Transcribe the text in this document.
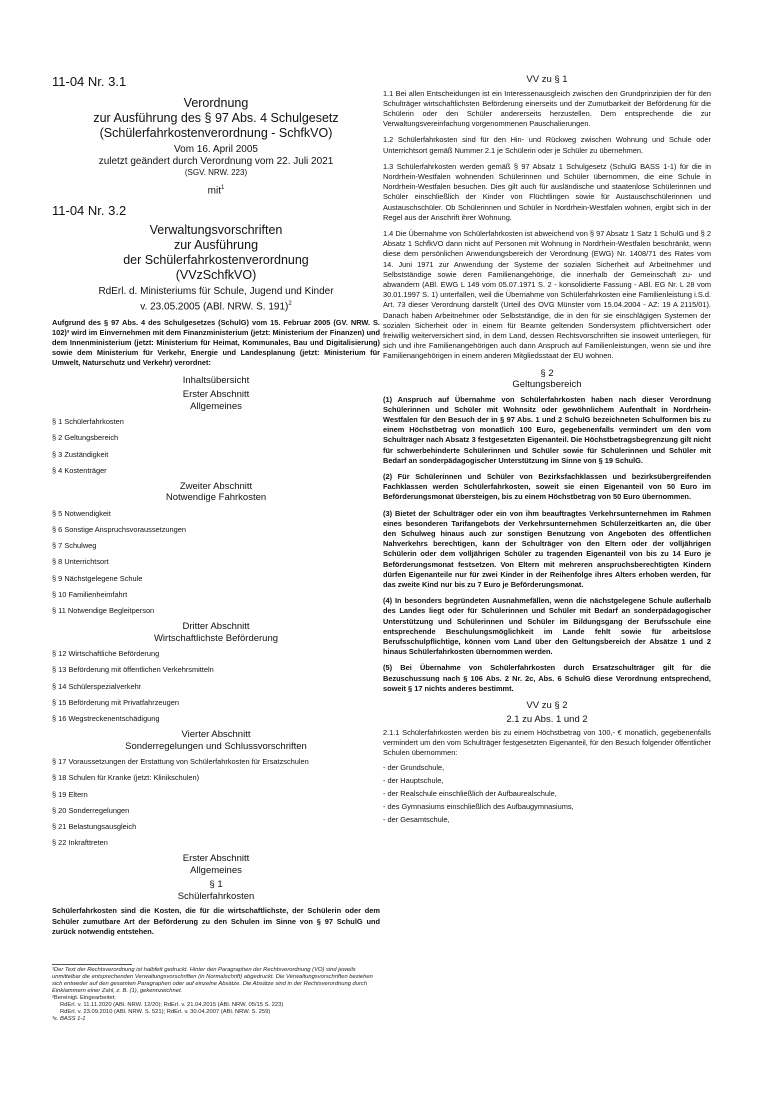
11-04 Nr. 3.1

Verordnung

zur Ausführung des § 97 Abs. 4 Schulgesetz

(Schülerfahrkostenverordnung - SchfkVO)

Vom 16. April 2005

zuletzt geändert durch Verordnung vom 22. Juli 2021

(SGV. NRW. 223)

mit$^1$

11-04 Nr. 3.2

Verwaltungsvorschriften

zur Ausführung

der Schülerfahrkostenverordnung

(VVzSchfkVO)

RdErl. d. Ministeriums für Schule, Jugend und Kinder

v. 23.05.2005 (ABl. NRW. S. 191)$^2$

Aufgrund des § 97 Abs. 4 des Schulgesetzes (SchulG) vom 15. Februar 2005 (GV. NRW. S. 102)³ wird im Einvernehmen mit dem Finanzministerium (jetzt: Ministerium der Finanzen) und dem Innenministerium (jetzt: Ministerium für Heimat, Kommunales, Bau und Digitalisierung) sowie dem Ministerium für Verkehr, Energie und Landesplanung (jetzt: Ministerium für Umwelt, Naturschutz und Verkehr) verordnet:

Inhaltsübersicht

Erster Abschnitt

Allgemeines

§ 1 Schülerfahrkosten

§ 2 Geltungsbereich

§ 3 Zuständigkeit

§ 4 Kostenträger

Zweiter Abschnitt

Notwendige Fahrkosten

§ 5 Notwendigkeit

§ 6 Sonstige Anspruchsvoraussetzungen

§ 7 Schulweg

§ 8 Unterrichtsort

§ 9 Nächstgelegene Schule

§ 10 Familienheimfahrt

§ 11 Notwendige Begleitperson

Dritter Abschnitt

Wirtschaftlichste Beförderung

§ 12 Wirtschaftliche Beförderung

§ 13 Beförderung mit öffentlichen Verkehrsmitteln

§ 14 Schülerspezialverkehr

§ 15 Beförderung mit Privatfahrzeugen

§ 16 Wegstreckenentschädigung

Vierter Abschnitt

Sonderregelungen und Schlussvorschriften

§ 17 Voraussetzungen der Erstattung von Schülerfahrkosten für Ersatzschulen

§ 18 Schulen für Kranke (jetzt: Klinikschulen)

§ 19 Eltern

§ 20 Sonderregelungen

§ 21 Belastungsausgleich

§ 22 Inkrafttreten

Erster Abschnitt

Allgemeines

§ 1

Schülerfahrkosten

Schülerfahrkosten sind die Kosten, die für die wirtschaftlichste, der Schülerin oder dem Schüler zumutbare Art der Beförderung zu den Schulen im Sinne von § 97 SchulG und zurück notwendig entstehen.

¹Der Text der Rechtsverordnung ist halbfett gedruckt. Hinter den Paragraphen der Rechtsverordnung (VO) sind jeweils unmittelbar die entsprechenden Verwaltungsvorschriften (in Normalschrift) abgedruckt. Die Verwaltungsvorschriften beziehen sich entweder auf den gesamten Paragraphen oder auf einzelne Absätze. Die Absätze sind in der Rechtsverordnung durch Einklammern einer Zahl, z. B. (1), gekennzeichnet.

²Bereinigt. Eingearbeitet:

RdErl. v. 11.11.2020 (ABl. NRW. 12/20); RdErl. v. 21.04.2015 (ABl. NRW. 05/15 S. 223)

RdErl. v. 23.09.2010 (ABl. NRW. S. 521); RdErl. v. 30.04.2007 (ABl. NRW. S. 259)

³s. BASS 1-1

VV zu § 1

1.1 Bei allen Entscheidungen ist ein Interessenausgleich zwischen den Grundprinzipien der für den Schulträger wirtschaftlichsten Beförderung einerseits und der Zumutbarkeit der Beförderung für die Schülerin oder den Schüler andererseits herzustellen. Dem entsprechende die zur Verwaltungsvereinfachung vorgenommenen Pauschalierungen.

1.2 Schülerfahrkosten sind für den Hin- und Rückweg zwischen Wohnung und Schule oder Unterrichtsort gemäß Nummer 2.1 je Schülerin oder je Schüler zu übernehmen.

1.3 Schülerfahrkosten werden gemäß § 97 Absatz 1 Schulgesetz (SchulG BASS 1-1) für die in Nordrhein-Westfalen wohnenden Schülerinnen und Schüler übernommen, die eine Schule in Nordrhein-Westfalen besuchen. Dies gilt auch für ausländische und staatenlose Schülerinnen und Schüler einschließlich der Kinder von Flüchtlingen sowie für Austauschschülerinnen und Austauschschüler. Ob Schülerinnen und Schüler in Nordrhein-Westfalen wohnen, ergibt sich in der Regel aus der Anschrift ihrer Wohnung.

1.4 Die Übernahme von Schülerfahrkosten ist abweichend von § 97 Absatz 1 Satz 1 SchulG und § 2 Absatz 1 SchfkVO dann nicht auf Personen mit Wohnung in Nordrhein-Westfalen beschränkt, wenn diese dem persönlichen Anwendungsbereich der Verordnung (EWG) Nr. 1408/71 des Rates vom 14. Juni 1971 zur Anwendung der Systeme der sozialen Sicherheit auf Arbeitnehmer und Selbstständige sowie deren Familienangehörige, die innerhalb der Gemeinschaft zu- und abwandern (ABl. EWG L 149 vom 05.07.1971 S. 2 - konsolidierte Fassung - ABl. EG Nr. L 28 vom 30.01.1997 S. 1) unterfallen, weil die Übernahme von Schülerfahrkosten eine Familienleistung i.S.d. Art. 73 dieser Verordnung darstellt (Urteil des OVG Münster vom 15.04.2004 - AZ: 19 A 2115/01). Danach haben Arbeitnehmer oder Selbstständige, die in den für sie einschlägigen Systemen der sozialen Sicherheit oder in einem für Beamte geltenden Sondersystem pflichtversichert oder freiwillig weiterversichert sind, in dem Land, dessen Rechtsvorschriften sie insoweit unterliegen, für sich und ihre Familienangehörigen auch dann Anspruch auf Familienleistungen, wenn sie und ihre Familienangehörigen in einem anderen Mitgliedsstaat der EU wohnen.

§ 2

Geltungsbereich

(1) Anspruch auf Übernahme von Schülerfahrkosten haben nach dieser Verordnung Schülerinnen und Schüler mit Wohnsitz oder gewöhnlichem Aufenthalt in Nordrhein-Westfalen für den Besuch der in § 97 Abs. 1 und 2 SchulG bezeichneten Schulformen bis zu einem Höchstbetrag von monatlich 100 Euro, gegebenenfalls vermindert um den vom Schulträger nach Absatz 3 festgesetzten Eigenanteil. Die Höchstbetragsbegrenzung gilt nicht für schwerbehinderte Schülerinnen und Schüler sowie für Schülerinnen und Schüler mit Bedarf an sonderpädagogischer Unterstützung im Sinne von § 19 SchulG.

(2) Für Schülerinnen und Schüler von Bezirksfachklassen und bezirksübergreifenden Fachklassen werden Schülerfahrkosten, soweit sie einen Eigenanteil von 50 Euro im Beförderungsmonat übersteigen, bis zu einem Höchstbetrag von 50 Euro übernommen.

(3) Bietet der Schulträger oder ein von ihm beauftragtes Verkehrsunternehmen im Rahmen eines besonderen Tarifangebots der Verkehrsunternehmen Schülerzeitkarten an, die über den Schulweg hinaus auch zur sonstigen Benutzung von Angeboten des öffentlichen Nahverkehrs berechtigen, kann der Schulträger von den Eltern oder der volljährigen Schülerin oder dem volljährigen Schüler zu tragenden Eigenanteil von bis zu 14 Euro je Beförderungsmonat festsetzen. Von Eltern mit mehreren anspruchsberechtigten Kindern dürfen Eigenanteile nur für zwei Kinder in der Reihenfolge ihres Alters erhoben werden, für das zweite Kind nur bis zu 7 Euro je Beförderungsmonat.

(4) In besonders begründeten Ausnahmefällen, wenn die nächstgelegene Schule außerhalb des Landes liegt oder für Schülerinnen und Schüler mit Bedarf an sonderpädagogischer Unterstützung und Schülerinnen und Schüler im Bildungsgang der Berufsschule eine entsprechende Beschulungsmöglichkeit im Lande fehlt sowie für arbeitslose Berufsschulpflichtige, können vom Land über den Geltungsbereich der Absätze 1 und 2 hinaus Schülerfahrkosten übernommen werden.

(5) Bei Übernahme von Schülerfahrkosten durch Ersatzschulträger gilt für die Bezuschussung nach § 106 Abs. 2 Nr. 2c, Abs. 6 SchulG diese Verordnung entsprechend, soweit § 17 nichts anderes bestimmt.

VV zu § 2

2.1 zu Abs. 1 und 2

2.1.1 Schülerfahrkosten werden bis zu einem Höchstbetrag von 100,- € monatlich, gegebenenfalls vermindert um den vom Schulträger festgesetzten Eigenanteil, für den Besuch folgender öffentlicher Schulen übernommen:

- der Grundschule,

- der Hauptschule,

- der Realschule einschließlich der Aufbaurealschule,

- des Gymnasiums einschließlich des Aufbaugymnasiums,

- der Gesamtschule,
